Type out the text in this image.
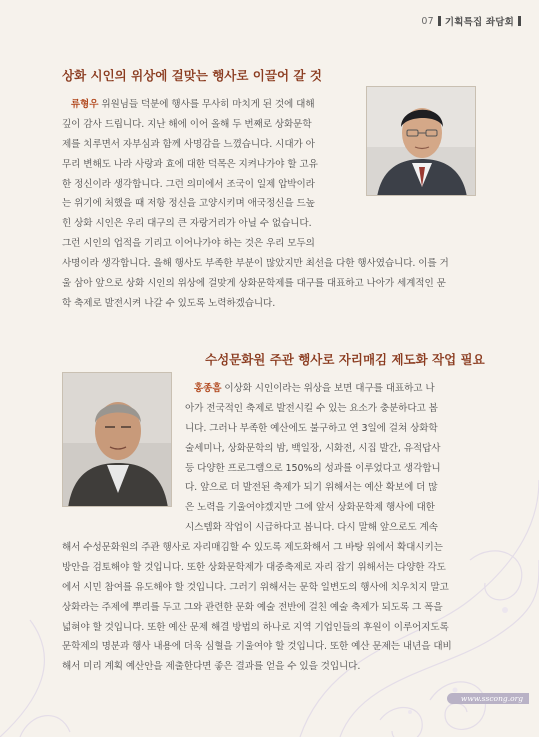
07 기획특집 좌담회
상화 시인의 위상에 걸맞는 행사로 이끌어 갈 것
류형우 위원님들 덕분에 행사를 무사히 마치게 된 것에 대해
깊이 감사 드립니다. 지난 해에 이어 올해 두 번째로 상화문학
제를 치루면서 자부심과 함께 사명감을 느꼈습니다. 시대가 아
무리 변해도 나라 사랑과 효에 대한 덕목은 지켜나가야 할 고유
한 정신이라 생각합니다. 그런 의미에서 조국이 일제 압박이라
는 위기에 처했을 때 저항 정신을 고양시키며 애국정신을 드높
힌 상화 시인은 우리 대구의 큰 자랑거리가 아닐 수 없습니다.
그런 시인의 업적을 기리고 이어나가야 하는 것은 우리 모두의
사명이라 생각합니다. 올해 행사도 부족한 부분이 많았지만 최선을 다한 행사였습니다. 이를 거
울 삼아 앞으로 상화 시인의 위상에 걸맞게 상화문학제를 대구를 대표하고 나아가 세계적인 문
학 축제로 발전시켜 나갈 수 있도록 노력하겠습니다.
수성문화원 주관 행사로 자리매김 제도화 작업 필요
홍종흠 이상화 시인이라는 위상을 보면 대구를 대표하고 나
아가 전국적인 축제로 발전시킬 수 있는 요소가 충분하다고 봅
니다. 그러나 부족한 예산에도 불구하고 연 3일에 걸쳐 상화학
술세미나, 상화문학의 밤, 백일장, 시화전, 시집 발간, 유적답사
등 다양한 프로그램으로 150%의 성과를 이루었다고 생각합니
다. 앞으로 더 발전된 축제가 되기 위해서는 예산 확보에 더 많
은 노력을 기울여야겠지만 그에 앞서 상화문학제 행사에 대한
시스템화 작업이 시급하다고 봅니다. 다시 말해 앞으로도 계속
해서 수성문화원의 주관 행사로 자리매김할 수 있도록 제도화해서 그 바탕 위에서 확대시키는
방안을 검토해야 할 것입니다. 또한 상화문학제가 대중축제로 자리 잡기 위해서는 다양한 각도
에서 시민 참여를 유도해야 할 것입니다. 그러기 위해서는 문학 일변도의 행사에 치우치지 말고
상화라는 주제에 뿌리를 두고 그와 관련한 문화 예술 전반에 걸친 예술 축제가 되도록 그 폭을
넓혀야 할 것입니다. 또한 예산 문제 해결 방법의 하나로 지역 기업인들의 후원이 이루어지도록
문학제의 명분과 행사 내용에 더욱 심혈을 기울여야 할 것입니다. 또한 예산 문제는 내년을 대비
해서 미리 계획 예산안을 제출한다면 좋은 결과를 얻을 수 있을 것입니다.
www.sscong.org
